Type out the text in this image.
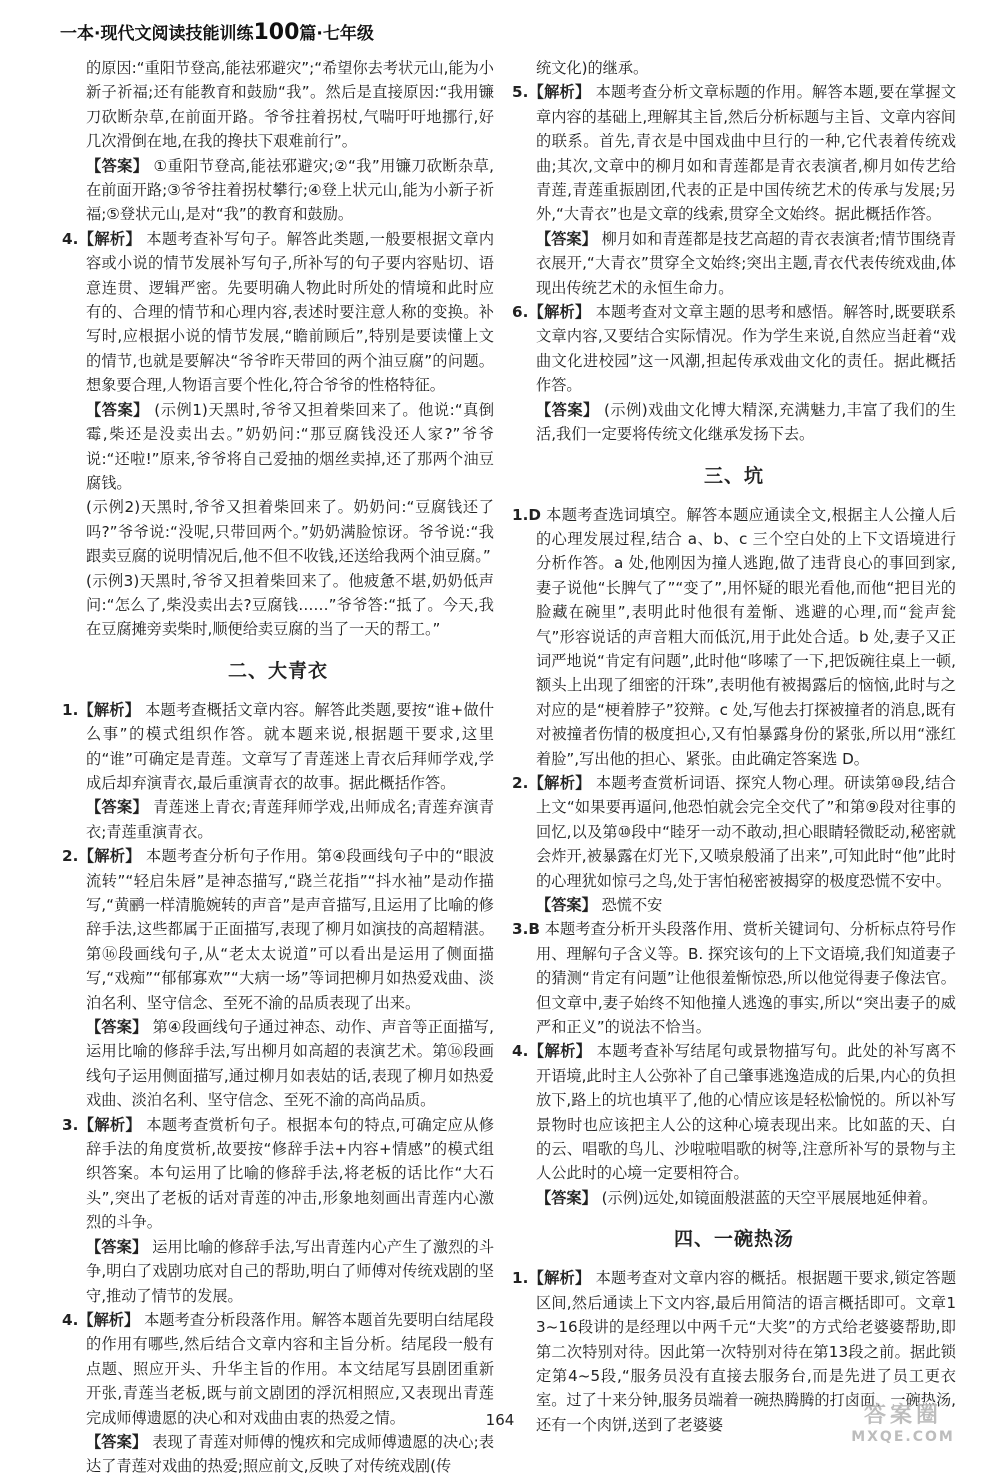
一本·现代文阅读技能训练100篇·七年级
的原因:“重阳节登高,能祛邪避灾”;“希望你去考状元山,能为小新子祈福;还有能教育和鼓励“我”。然后是直接原因:“我用镰刀砍断杂草,在前面开路。爷爷拄着拐杖,气喘吁吁地挪行,好几次滑倒在地,在我的搀扶下艰难前行”。
【答案】 ①重阳节登高,能祛邪避灾;②“我”用镰刀砍断杂草,在前面开路;③爷爷拄着拐杖攀行;④登上状元山,能为小新子祈福;⑤登状元山,是对“我”的教育和鼓励。
4.【解析】 本题考查补写句子。解答此类题,一般要根据文章内容或小说的情节发展补写句子,所补写的句子要内容贴切、语意连贯、逻辑严密。先要明确人物此时所处的情境和此时应有的、合理的情节和心理内容,表述时要注意人称的变换。补写时,应根据小说的情节发展,“瞻前顾后”,特别是要读懂上文的情节,也就是要解决“爷爷昨天带回的两个油豆腐”的问题。想象要合理,人物语言要个性化,符合爷爷的性格特征。
【答案】 (示例1)天黑时,爷爷又担着柴回来了。他说:“真倒霉,柴还是没卖出去。”奶奶问:“那豆腐钱没还人家?”爷爷说:“还啦!”原来,爷爷将自己爱抽的烟丝卖掉,还了那两个油豆腐钱。
(示例2)天黑时,爷爷又担着柴回来了。奶奶问:“豆腐钱还了吗?”爷爷说:“没呢,只带回两个。”奶奶满脸惊讶。爷爷说:“我跟卖豆腐的说明情况后,他不但不收钱,还送给我两个油豆腐。”
(示例3)天黑时,爷爷又担着柴回来了。他疲惫不堪,奶奶低声问:“怎么了,柴没卖出去?豆腐钱……”爷爷答:“抵了。今天,我在豆腐摊旁卖柴时,顺便给卖豆腐的当了一天的帮工。”
二、大青衣
1.【解析】 本题考查概括文章内容。解答此类题,要按“谁+做什么事”的模式组织作答。就本题来说,根据题干要求,这里的“谁”可确定是青莲。文章写了青莲迷上青衣后拜师学戏,学成后却弃演青衣,最后重演青衣的故事。据此概括作答。
【答案】 青莲迷上青衣;青莲拜师学戏,出师成名;青莲弃演青衣;青莲重演青衣。
2.【解析】 本题考查分析句子作用。第④段画线句子中的“眼波流转”“轻启朱唇”是神态描写,“跷兰花指”“抖水袖”是动作描写,“黄鹂一样清脆婉转的声音”是声音描写,且运用了比喻的修辞手法,这些都属于正面描写,表现了柳月如演技的高超精湛。第⑯段画线句子,从“老太太说道”可以看出是运用了侧面描写,“戏痴”“郁郁寡欢”“大病一场”等词把柳月如热爱戏曲、淡泊名利、坚守信念、至死不渝的品质表现了出来。
【答案】 第④段画线句子通过神态、动作、声音等正面描写,运用比喻的修辞手法,写出柳月如高超的表演艺术。第⑯段画线句子运用侧面描写,通过柳月如表姑的话,表现了柳月如热爱戏曲、淡泊名利、坚守信念、至死不渝的高尚品质。
3.【解析】 本题考查赏析句子。根据本句的特点,可确定应从修辞手法的角度赏析,故要按“修辞手法+内容+情感”的模式组织答案。本句运用了比喻的修辞手法,将老板的话比作“大石头”,突出了老板的话对青莲的冲击,形象地刻画出青莲内心激烈的斗争。
【答案】 运用比喻的修辞手法,写出青莲内心产生了激烈的斗争,明白了戏剧功底对自己的帮助,明白了师傅对传统戏剧的坚守,推动了情节的发展。
4.【解析】 本题考查分析段落作用。解答本题首先要明白结尾段的作用有哪些,然后结合文章内容和主旨分析。结尾段一般有点题、照应开头、升华主旨的作用。本文结尾写县剧团重新开张,青莲当老板,既与前文剧团的浮沉相照应,又表现出青莲完成师傅遗愿的决心和对戏曲由衷的热爱之情。
【答案】 表现了青莲对师傅的愧疚和完成师傅遗愿的决心;表达了青莲对戏曲的热爱;照应前文,反映了对传统戏剧(传
统文化)的继承。
5.【解析】 本题考查分析文章标题的作用。解答本题,要在掌握文章内容的基础上,理解其主旨,然后分析标题与主旨、文章内容间的联系。首先,青衣是中国戏曲中旦行的一种,它代表着传统戏曲;其次,文章中的柳月如和青莲都是青衣表演者,柳月如传艺给青莲,青莲重振剧团,代表的正是中国传统艺术的传承与发展;另外,“大青衣”也是文章的线索,贯穿全文始终。据此概括作答。
【答案】 柳月如和青莲都是技艺高超的青衣表演者;情节围绕青衣展开,“大青衣”贯穿全文始终;突出主题,青衣代表传统戏曲,体现出传统艺术的永恒生命力。
6.【解析】 本题考查对文章主题的思考和感悟。解答时,既要联系文章内容,又要结合实际情况。作为学生来说,自然应当赶着“戏曲文化进校园”这一风潮,担起传承戏曲文化的责任。据此概括作答。
【答案】 (示例)戏曲文化博大精深,充满魅力,丰富了我们的生活,我们一定要将传统文化继承发扬下去。
三、坑
1.D 本题考查选词填空。解答本题应通读全文,根据主人公撞人后的心理发展过程,结合 a、b、c 三个空白处的上下文语境进行分析作答。a 处,他刚因为撞人逃跑,做了违背良心的事回到家,妻子说他“长脾气了”“变了”,用怀疑的眼光看他,而他“把目光的脸藏在碗里”,表明此时他很有羞惭、逃避的心理,而“瓮声瓮气”形容说话的声音粗大而低沉,用于此处合适。b 处,妻子又正词严地说“肯定有问题”,此时他“哆嗦了一下,把饭碗往桌上一顿,额头上出现了细密的汗珠”,表明他有被揭露后的恼恼,此时与之对应的是“梗着脖子”狡辩。c 处,写他去打探被撞者的消息,既有对被撞者伤情的极度担心,又有怕暴露身份的紧张,所以用“涨红着脸”,写出他的担心、紧张。由此确定答案选 D。
2.【解析】 本题考查赏析词语、探究人物心理。研读第⑩段,结合上文“如果要再逼问,他恐怕就会完全交代了”和第⑨段对往事的回忆,以及第⑩段中“睦牙一动不敢动,担心眼睛轻微眨动,秘密就会炸开,被暴露在灯光下,又喷泉般涌了出来”,可知此时“他”此时的心理犹如惊弓之鸟,处于害怕秘密被揭穿的极度恐慌不安中。
【答案】 恐慌不安
3.B 本题考查分析开头段落作用、赏析关键词句、分析标点符号作用、理解句子含义等。B. 探究该句的上下文语境,我们知道妻子的猜测“肯定有问题”让他很羞惭惊恐,所以他觉得妻子像法官。但文章中,妻子始终不知他撞人逃逸的事实,所以“突出妻子的威严和正义”的说法不恰当。
4.【解析】 本题考查补写结尾句或景物描写句。此处的补写离不开语境,此时主人公弥补了自己肇事逃逸造成的后果,内心的负担放下,路上的坑也填平了,他的心情应该是轻松愉悦的。所以补写景物时也应该把主人公的这种心境表现出来。比如蓝的天、白的云、唱歌的鸟儿、沙啦啦唱歌的树等,注意所补写的景物与主人公此时的心境一定要相符合。
【答案】 (示例)远处,如镜面般湛蓝的天空平展展地延伸着。
四、一碗热汤
1.【解析】 本题考查对文章内容的概括。根据题干要求,锁定答题区间,然后通读上下文内容,最后用简洁的语言概括即可。文章13~16段讲的是经理以中两千元“大奖”的方式给老婆婆帮助,即第二次特别对待。因此第一次特别对待在第13段之前。据此锁定第4~5段,“服务员没有直接去服务台,而是先进了员工更衣室。过了十来分钟,服务员端着一碗热腾腾的打卤面、一碗热汤,还有一个肉饼,送到了老婆婆
164	答案圈
MXQE.COM
